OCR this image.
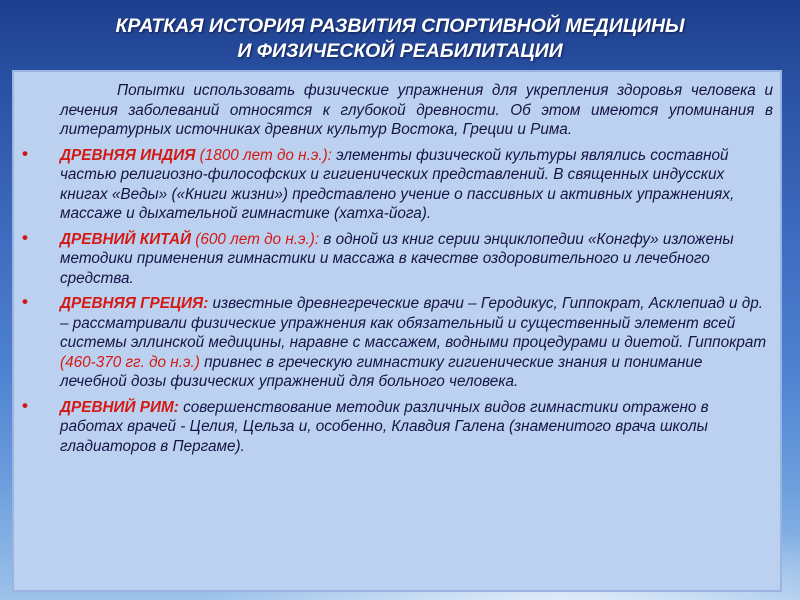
КРАТКАЯ ИСТОРИЯ РАЗВИТИЯ СПОРТИВНОЙ МЕДИЦИНЫ
И ФИЗИЧЕСКОЙ РЕАБИЛИТАЦИИ

Попытки использовать физические упражнения для укрепления здоровья человека и лечения заболеваний относятся к глубокой древности. Об этом имеются упоминания в литературных источниках древних культур Востока, Греции и Рима.

• ДРЕВНЯЯ ИНДИЯ (1800 лет до н.э.): элементы физической культуры являлись составной частью религиозно-философских и гигиенических представлений. В священных индусских книгах «Веды» («Книги жизни») представлено учение о пассивных и активных упражнениях, массаже и дыхательной гимнастике (хатха-йога).
• ДРЕВНИЙ КИТАЙ (600 лет до н.э.): в одной из книг серии энциклопедии «Конгфу» изложены методики применения гимнастики и массажа в качестве оздоровительного и лечебного средства.
• ДРЕВНЯЯ ГРЕЦИЯ: известные древнегреческие врачи – Геродикус, Гиппократ, Асклепиад и др. – рассматривали физические упражнения как обязательный и существенный элемент всей системы эллинской медицины, наравне с массажем, водными процедурами и диетой. Гиппократ (460-370 гг. до н.э.) привнес в греческую гимнастику гигиенические знания и понимание лечебной дозы физических упражнений для больного человека.
• ДРЕВНИЙ РИМ: совершенствование методик различных видов гимнастики отражено в работах врачей - Целия, Цельза и, особенно, Клавдия Галена (знаменитого врача школы гладиаторов в Пергаме).
